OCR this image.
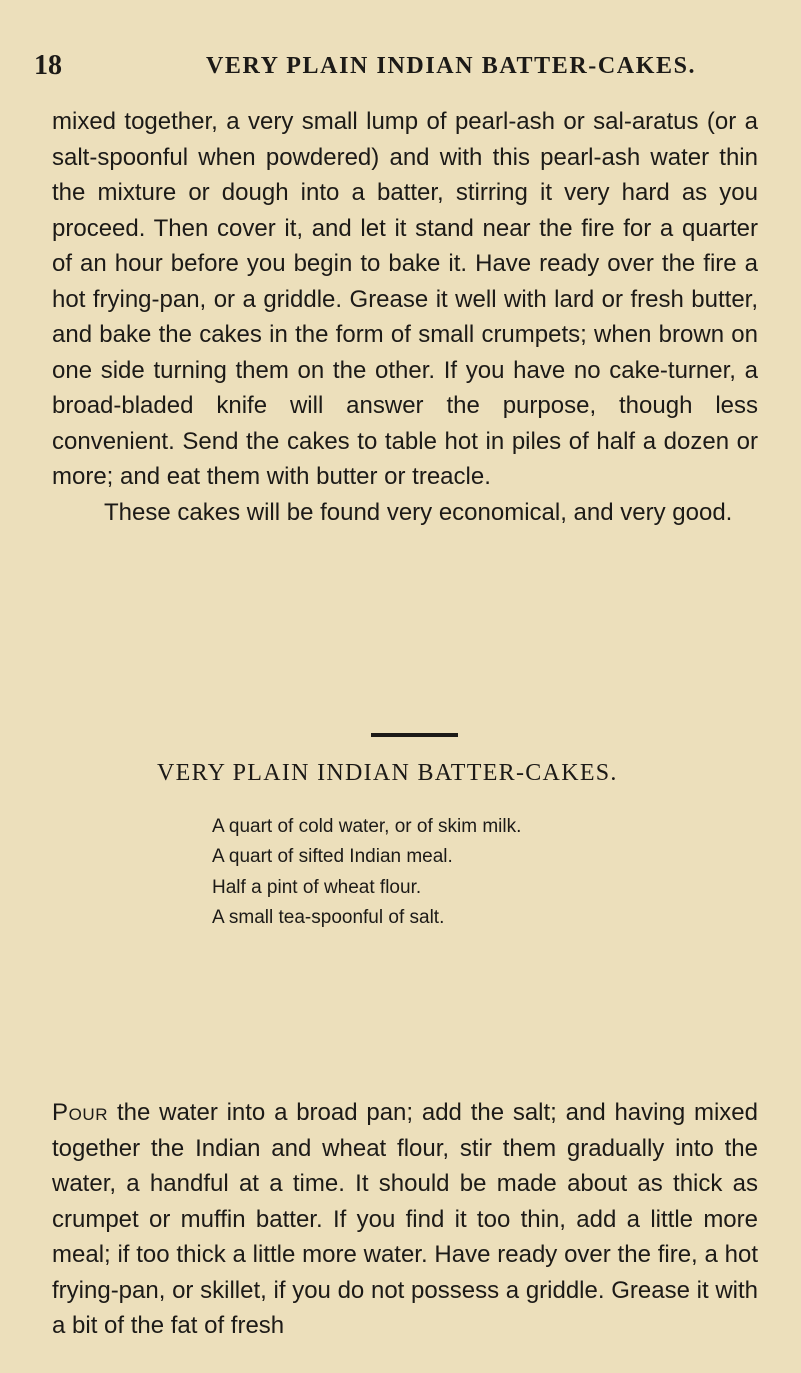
18	VERY PLAIN INDIAN BATTER-CAKES.

mixed together, a very small lump of pearl-ash or sal-aratus (or a salt-spoonful when powdered) and with this pearl-ash water thin the mixture or dough into a batter, stirring it very hard as you proceed. Then cover it, and let it stand near the fire for a quarter of an hour before you begin to bake it. Have ready over the fire a hot frying-pan, or a griddle. Grease it well with lard or fresh butter, and bake the cakes in the form of small crumpets; when brown on one side turning them on the other. If you have no cake-turner, a broad-bladed knife will answer the purpose, though less convenient. Send the cakes to table hot in piles of half a dozen or more; and eat them with butter or treacle.

These cakes will be found very economical, and very good.

VERY PLAIN INDIAN BATTER-CAKES.
A quart of cold water, or of skim milk.
A quart of sifted Indian meal.
Half a pint of wheat flour.
A small tea-spoonful of salt.

Pour the water into a broad pan; add the salt; and having mixed together the Indian and wheat flour, stir them gradually into the water, a handful at a time. It should be made about as thick as crumpet or muffin batter. If you find it too thin, add a little more meal; if too thick a little more water. Have ready over the fire, a hot frying-pan, or skillet, if you do not possess a griddle. Grease it with a bit of the fat of fresh
